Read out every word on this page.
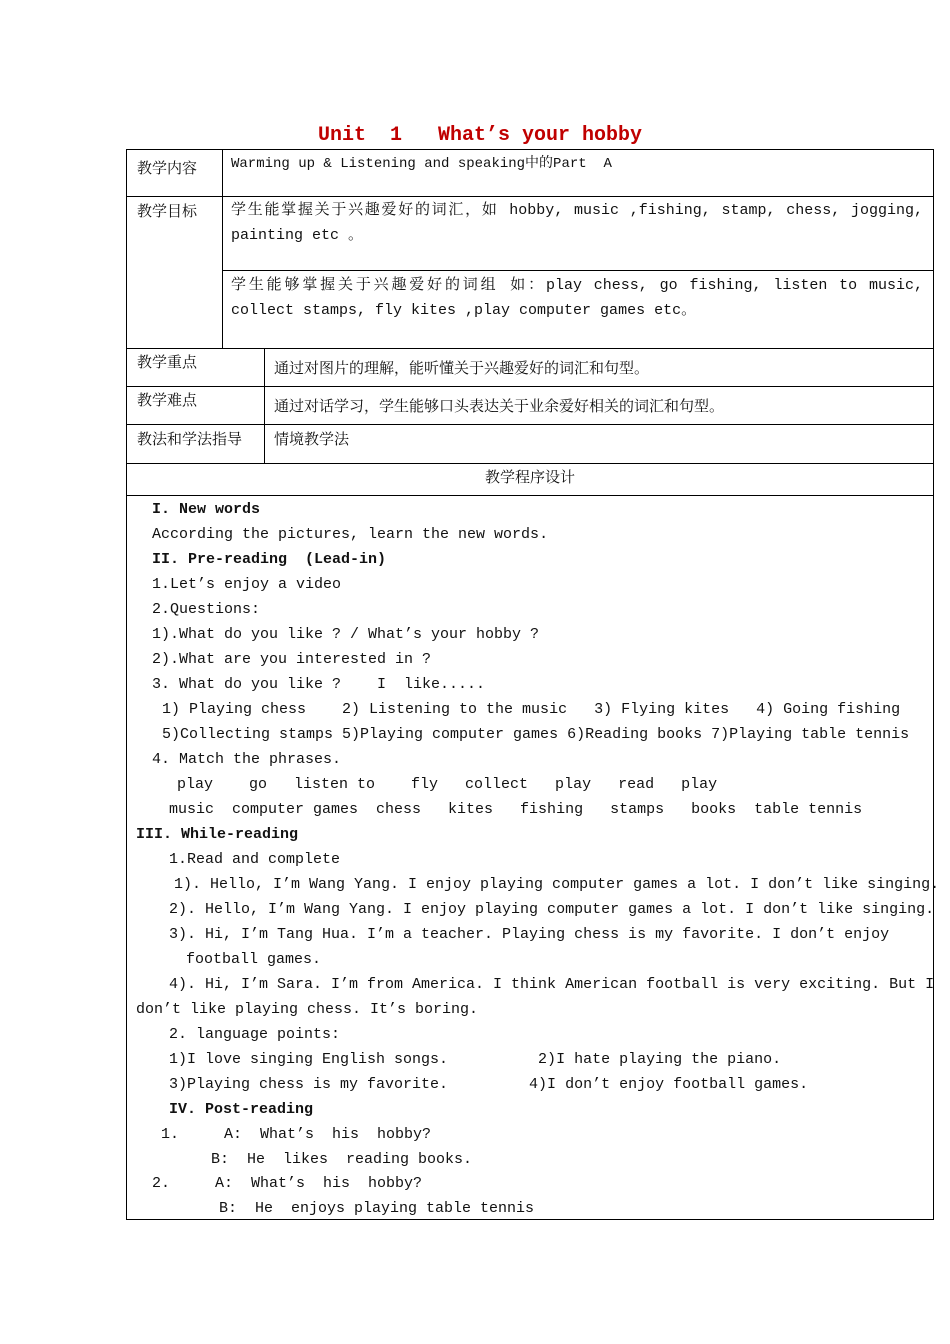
Unit  1   What’s your hobby
教学内容 Warming up & Listening and speaking中的Part  A
教学目标 学生能掌握关于兴趣爱好的词汇，如 hobby, music ,fishing, stamp, chess, jogging, painting etc 。
学生能够掌握关于兴趣爱好的词组 如：play chess, go fishing, listen to music, collect stamps, fly kites ,play computer games etc。
教学重点	通过对图片的理解，能听懂关于兴趣爱好的词汇和句型。
教学难点	通过对话学习，学生能够口头表达关于业余爱好相关的词汇和句型。
教法和学法指导 情境教学法
教学程序设计
I. New words
According the pictures, learn the new words.
II. Pre-reading  (Lead-in)
1.Let’s enjoy a video
2.Questions:
1).What do you like ? / What’s your hobby ?
2).What are you interested in ?
3. What do you like ?    I  like.....
1) Playing chess    2) Listening to the music   3) Flying kites   4) Going fishing
5)Collecting stamps 5)Playing computer games 6)Reading books 7)Playing table tennis
4. Match the phrases.
play    go   listen to    fly   collect   play   read   play
music  computer games  chess   kites   fishing   stamps   books  table tennis
III. While-reading
1.Read and complete
1). Hello, I’m Wang Yang. I enjoy playing computer games a lot. I don’t like singing.
2). Hello, I’m Wang Yang. I enjoy playing computer games a lot. I don’t like singing.
3). Hi, I’m Tang Hua. I’m a teacher. Playing chess is my favorite. I don’t enjoy
football games.
4). Hi, I’m Sara. I’m from America. I think American football is very exciting. But I
don’t like playing chess. It’s boring.
2. language points:
1)I love singing English songs.          2)I hate playing the piano.
3)Playing chess is my favorite.         4)I don’t enjoy football games.
IV. Post-reading
1.     A:  What’s  his  hobby?
B:  He  likes  reading books.
2.     A:  What’s  his  hobby?
B:  He  enjoys playing table tennis
